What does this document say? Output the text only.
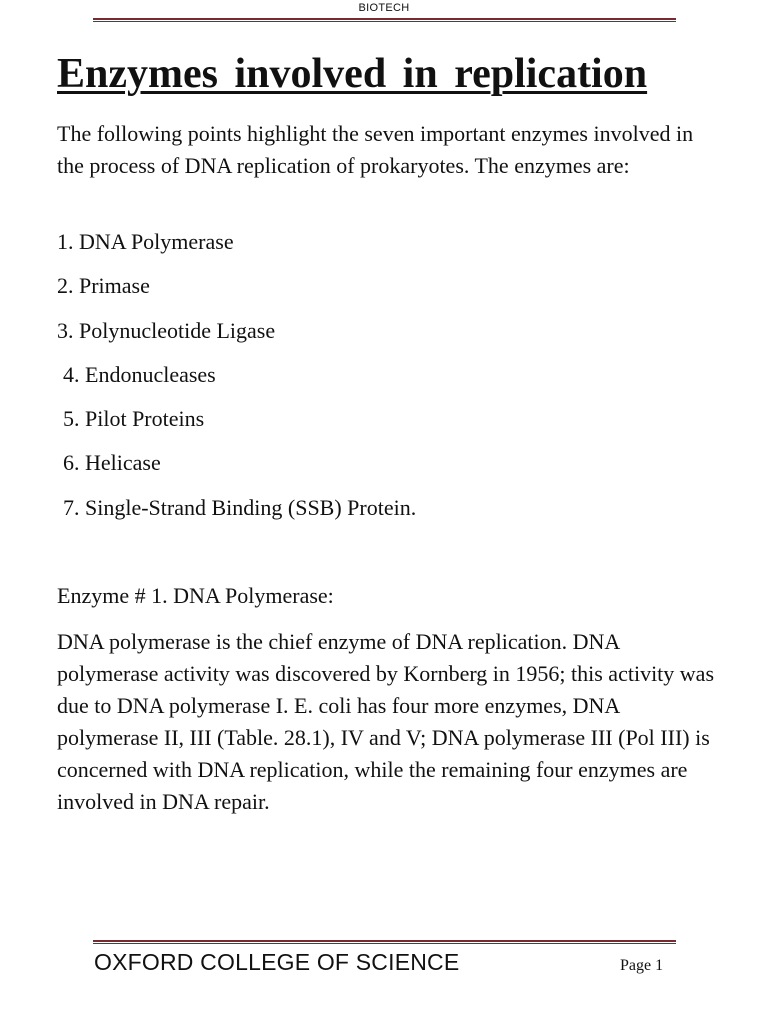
BIOTECH
Enzymes involved in replication

The following points highlight the seven important enzymes involved in the process of DNA replication of prokaryotes. The enzymes are:

1. DNA Polymerase
2. Primase
3. Polynucleotide Ligase
4. Endonucleases
5. Pilot Proteins
6. Helicase
7. Single-Strand Binding (SSB) Protein.

Enzyme # 1. DNA Polymerase:

DNA polymerase is the chief enzyme of DNA replication. DNA polymerase activity was discovered by Kornberg in 1956; this activity was due to DNA polymerase I. E. coli has four more enzymes, DNA polymerase II, III (Table. 28.1), IV and V; DNA polymerase III (Pol III) is concerned with DNA replication, while the remaining four enzymes are involved in DNA repair.

OXFORD COLLEGE OF SCIENCE	Page 1
